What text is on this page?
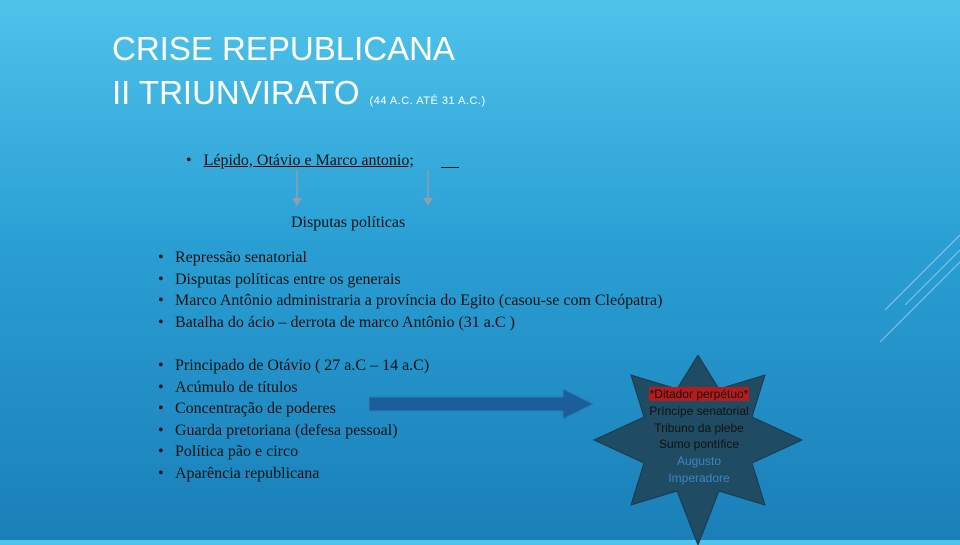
CRISE REPUBLICANA
II TRIUNVIRATO (44 A.C. ATÉ 31 A.C.)
• Lépido, Otávio e Marco antonio;
Disputas políticas
• Repressão senatorial
• Disputas políticas entre os generais
• Marco Antônio administraria a província do Egito (casou-se com Cleópatra)
• Batalha do ácio – derrota de marco Antônio (31 a.C )
• Principado de Otávio ( 27 a.C – 14 a.C)
• Acúmulo de títulos
• Concentração de poderes
• Guarda pretoriana (defesa pessoal)
• Política pão e circo
• Aparência republicana
*Ditador perpétuo*
Príncipe senatorial
Tribuno da plebe
Sumo pontífice
Augusto
Imperadore
